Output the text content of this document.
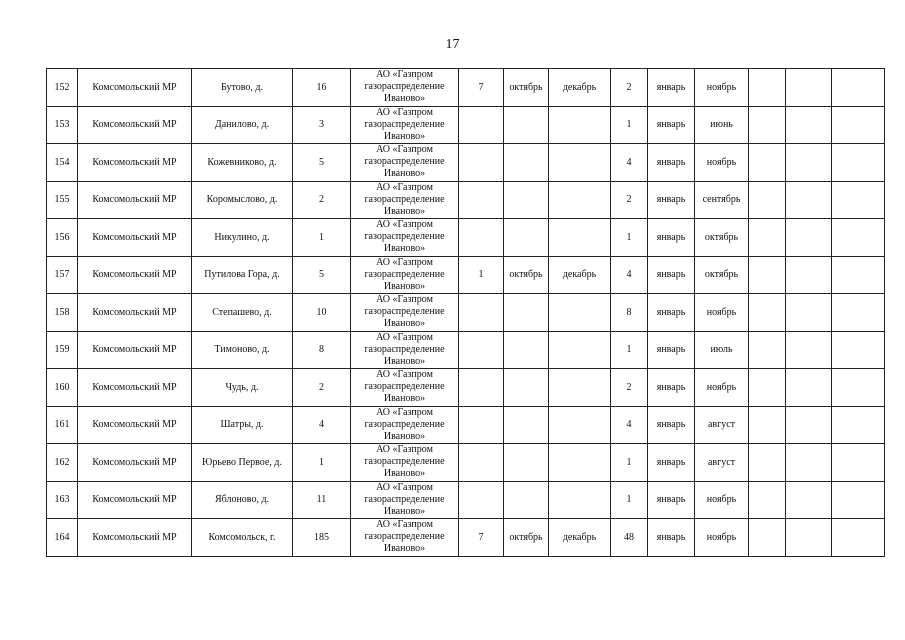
17
152	Комсомольский МР	Бутово, д.	16	АО «Газпром газораспределение Иваново»	7	октябрь	декабрь	2	январь	ноябрь			
153	Комсомольский МР	Данилово, д.	3	АО «Газпром газораспределение Иваново»				1	январь	июнь			
154	Комсомольский МР	Кожевниково, д.	5	АО «Газпром газораспределение Иваново»				4	январь	ноябрь			
155	Комсомольский МР	Коромыслово, д.	2	АО «Газпром газораспределение Иваново»				2	январь	сентябрь			
156	Комсомольский МР	Никулино, д.	1	АО «Газпром газораспределение Иваново»				1	январь	октябрь			
157	Комсомольский МР	Путилова Гора, д.	5	АО «Газпром газораспределение Иваново»	1	октябрь	декабрь	4	январь	октябрь			
158	Комсомольский МР	Степашево, д.	10	АО «Газпром газораспределение Иваново»				8	январь	ноябрь			
159	Комсомольский МР	Тимоново, д.	8	АО «Газпром газораспределение Иваново»				1	январь	июль			
160	Комсомольский МР	Чудь, д.	2	АО «Газпром газораспределение Иваново»				2	январь	ноябрь			
161	Комсомольский МР	Шатры, д.	4	АО «Газпром газораспределение Иваново»				4	январь	август			
162	Комсомольский МР	Юрьево Первое, д.	1	АО «Газпром газораспределение Иваново»				1	январь	август			
163	Комсомольский МР	Яблоново, д.	11	АО «Газпром газораспределение Иваново»				1	январь	ноябрь			
164	Комсомольский МР	Комсомольск, г.	185	АО «Газпром газораспределение Иваново»	7	октябрь	декабрь	48	январь	ноябрь			
